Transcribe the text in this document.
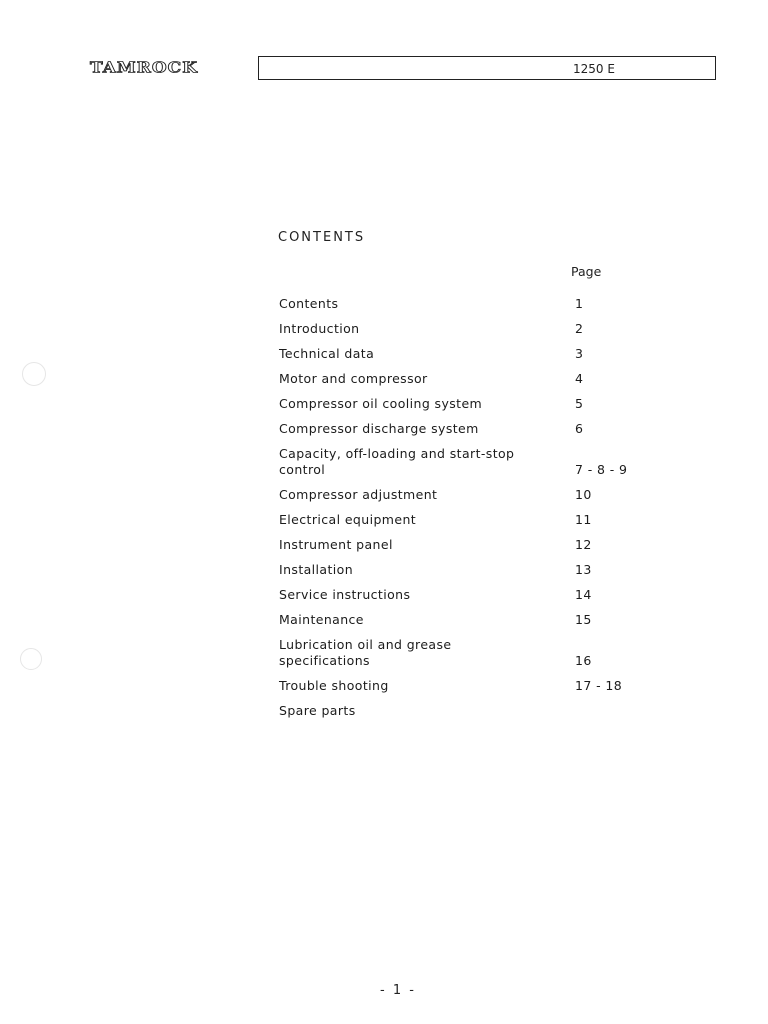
TAMROCK	1250 E
CONTENTS
Page
Contents	1
Introduction	2
Technical data	3
Motor and compressor	4
Compressor oil cooling system	5
Compressor discharge system	6
Capacity, off-loading and start-stop control	7 - 8 - 9
Compressor adjustment	10
Electrical equipment	11
Instrument panel	12
Installation	13
Service instructions	14
Maintenance	15
Lubrication oil and grease specifications	16
Trouble shooting	17 - 18
Spare parts
- 1 -
